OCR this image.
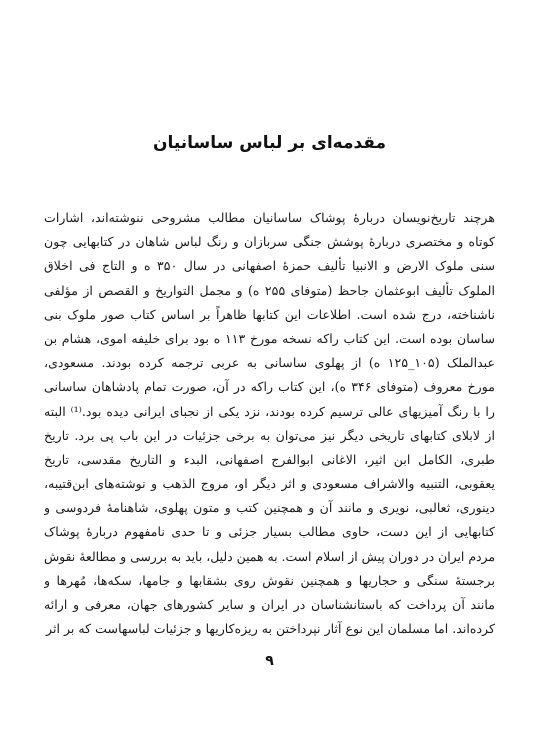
مقدمه‌ای بر لباس ساسانیان
هرچند تاریخ‌نویسان دربارهٔ پوشاک ساسانیان مطالب مشروحی ننوشته‌اند، اشارات
کوتاه و مختصری دربارهٔ پوشش جنگی سربازان و رنگ لباس شاهان در کتابهایی چون
سنی ملوک الارض و الانبیا تألیف حمزهٔ اصفهانی در سال ۳۵۰ ه و التاج فی اخلاق
الملوک تألیف ابوعثمان جاحظ (متوفای ۲۵۵ ه) و مجمل التواریخ و القصص از مؤلفی
ناشناخته، درج شده است. اطلاعات این کتابها ظاهراً بر اساس کتاب صور ملوک بنی
ساسان بوده است. این کتاب راکه نسخه مورخ ۱۱۳ ه بود برای خلیفه اموی، هشام بن
عبدالملک (۱۰۵_۱۲۵ ه) از پهلوی ساسانی به عربی ترجمه کرده بودند. مسعودی،
مورخ معروف (متوفای ۳۴۶ ه)، این کتاب راکه در آن، صورت تمام پادشاهان ساسانی
را با رنگ آمیزیهای عالی ترسیم کرده بودند، نزد یکی از نجبای ایرانی دیده بود.⁽¹⁾ البته
از لابلای کتابهای تاریخی دیگر نیز می‌توان به برخی جزئیات در این باب پی برد. تاریخ
طبری، الکامل ابن اثیر، الاغانی ابوالفرج اصفهانی، البدء و التاریخ مقدسی، تاریخ
یعقوبی، التنبیه والاشراف مسعودی و اثر دیگر او، مروج الذهب و نوشته‌های ابن‌قتیبه،
دینوری، ثعالبی، نویری و مانند آن و همچنین کتب و متون پهلوی، شاهنامهٔ فردوسی و
کتابهایی از این دست، حاوی مطالب بسیار جزئی و تا حدی نامفهوم دربارهٔ پوشاک
مردم ایران در دوران پیش از اسلام است. به همین دلیل، باید به بررسی و مطالعهٔ نقوش
برجستهٔ سنگی و حجاریها و همچنین نقوش روی بشقابها و جامها، سکه‌ها، مُهرها و
مانند آن پرداخت که باستانشناسان در ایران و سایر کشورهای جهان، معرفی و ارائه
کرده‌اند. اما مسلمان این نوع آثار نپرداختن به ریزه‌کاریها و جزئیات لباسهاست که بر اثر
۹
